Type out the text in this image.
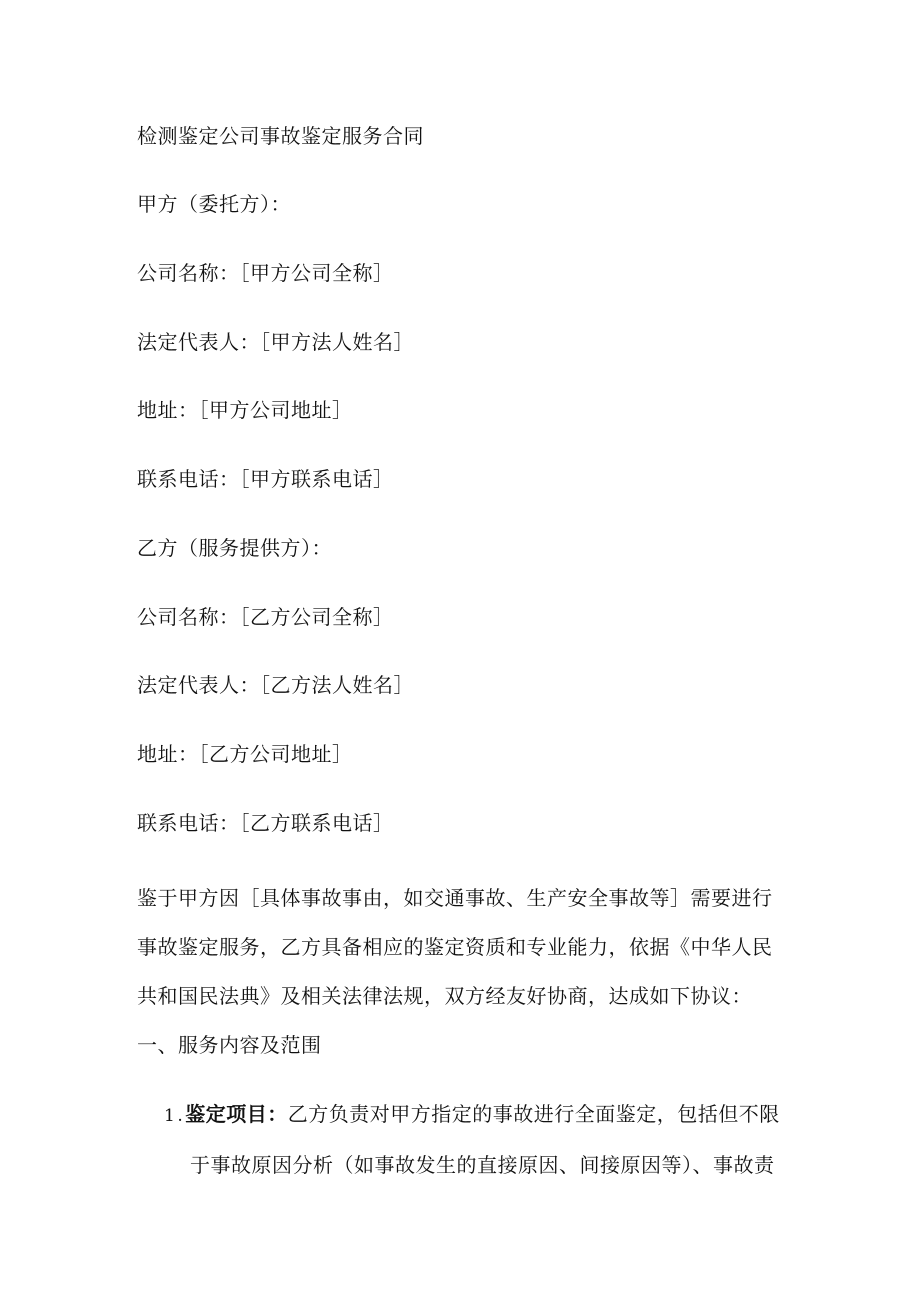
检测鉴定公司事故鉴定服务合同
甲方（委托方）：
公司名称：［甲方公司全称］
法定代表人：［甲方法人姓名］
地址：［甲方公司地址］
联系电话：［甲方联系电话］
乙方（服务提供方）：
公司名称：［乙方公司全称］
法定代表人：［乙方法人姓名］
地址：［乙方公司地址］
联系电话：［乙方联系电话］
鉴于甲方因［具体事故事由，如交通事故、生产安全事故等］需要进行事故鉴定服务，乙方具备相应的鉴定资质和专业能力，依据《中华人民共和国民法典》及相关法律法规，双方经友好协商，达成如下协议：一、服务内容及范围
1 . 鉴定项目：乙方负责对甲方指定的事故进行全面鉴定，包括但不限
于事故原因分析（如事故发生的直接原因、间接原因等）、事故责
